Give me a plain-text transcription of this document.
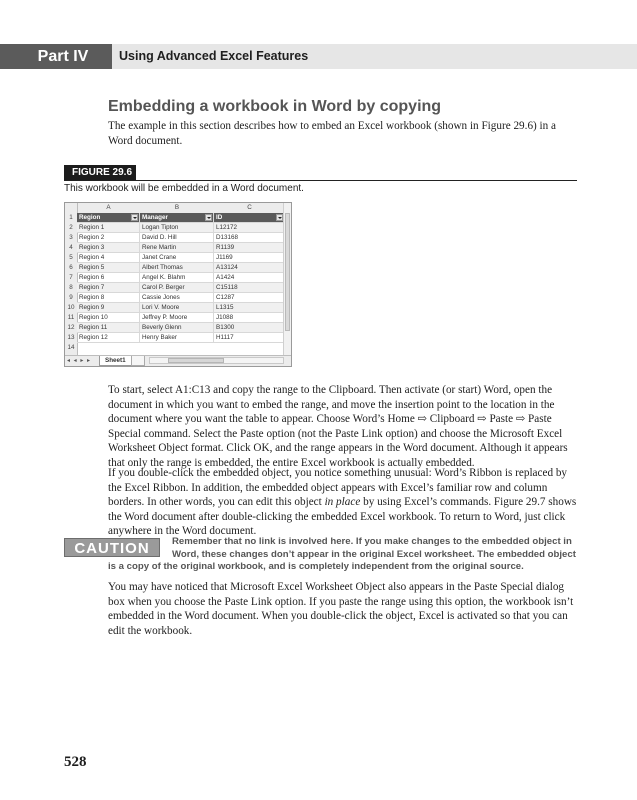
Part IV	Using Advanced Excel Features
Embedding a workbook in Word by copying
The example in this section describes how to embed an Excel workbook (shown in Figure 29.6) in a Word document.
FIGURE 29.6
This workbook will be embedded in a Word document.
A	B	C
1 Region	Manager	ID
2 Region 1	Logan Tipton	L12172
3 Region 2	David D. Hill	D13168
4 Region 3	Rene Martin	R1139
5 Region 4	Janet Crane	J1169
6 Region 5	Albert Thomas	A13124
7 Region 6	Angel K. Blahm	A1424
8 Region 7	Carol P. Berger	C15118
9 Region 8	Cassie Jones	C1287
10 Region 9	Lori V. Moore	L1315
11 Region 10	Jeffrey P. Moore	J1088
12 Region 11	Beverly Glenn	B1300
13 Region 12	Henry Baker	H1117
14
◂ ◂ ▸ ▸	Sheet1
To start, select A1:C13 and copy the range to the Clipboard. Then activate (or start) Word, open the document in which you want to embed the range, and move the insertion point to the location in the document where you want the table to appear. Choose Word’s Home ⇨ Clipboard ⇨ Paste ⇨ Paste Special command. Select the Paste option (not the Paste Link option) and choose the Microsoft Excel Worksheet Object format. Click OK, and the range appears in the Word document. Although it appears that only the range is embedded, the entire Excel workbook is actually embedded.
If you double-click the embedded object, you notice something unusual: Word’s Ribbon is replaced by the Excel Ribbon. In addition, the embedded object appears with Excel’s familiar row and column borders. In other words, you can edit this object in place by using Excel’s commands. Figure 29.7 shows the Word document after double-clicking the embedded Excel workbook. To return to Word, just click anywhere in the Word document.
CAUTION	Remember that no link is involved here. If you make changes to the embedded object in Word, these changes don’t appear in the original Excel worksheet. The embedded object is a copy of the original workbook, and is completely independent from the original source.
You may have noticed that Microsoft Excel Worksheet Object also appears in the Paste Special dialog box when you choose the Paste Link option. If you paste the range using this option, the workbook isn’t embedded in the Word document. When you double-click the object, Excel is activated so that you can edit the workbook.
528
